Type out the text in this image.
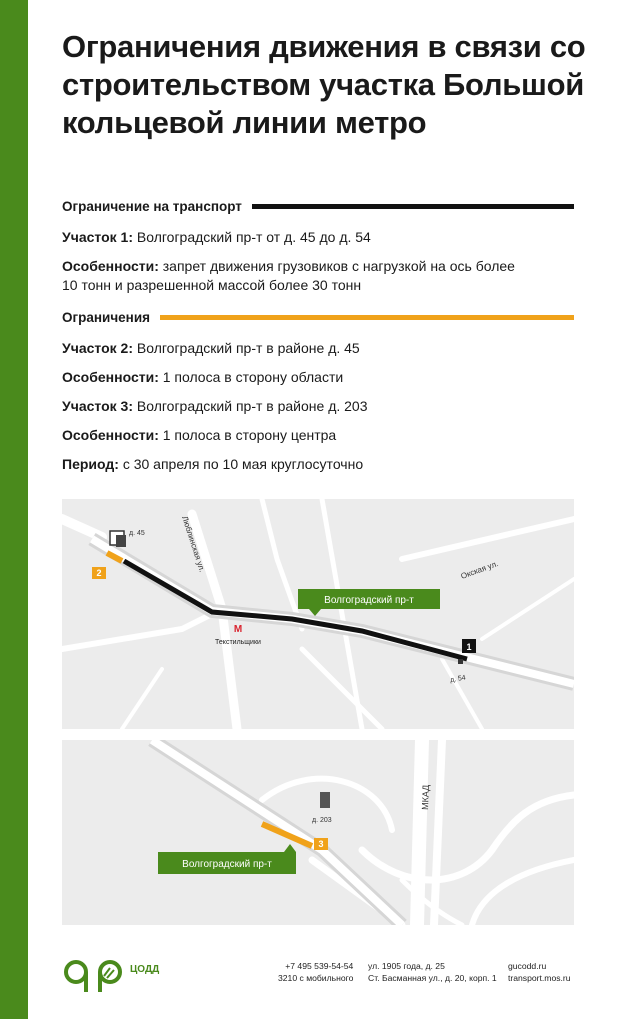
Ограничения движения в связи со строительством участка Большой кольцевой линии метро
Ограничение на транспорт
Участок 1: Волгоградский пр-т от д. 45 до д. 54
Особенности: запрет движения грузовиков с нагрузкой на ось более
10 тонн и разрешенной массой более 30 тонн
Ограничения
Участок 2: Волгоградский пр-т в районе д. 45
Особенности: 1 полоса в сторону области
Участок 3: Волгоградский пр-т в районе д. 203
Особенности: 1 полоса в сторону центра
Период: с 30 апреля по 10 мая круглосуточно
д. 45
2
1
д. 54
Люблинская ул.	Окская ул.
Волгоградский пр-т
M
Текстильщики
3
д. 203
МКАД
Волгоградский пр-т
ЦОДД	+7 495 539-54-54
3210 с мобильного
ул. 1905 года, д. 25
Ст. Басманная ул., д. 20, корп. 1
gucodd.ru
transport.mos.ru
